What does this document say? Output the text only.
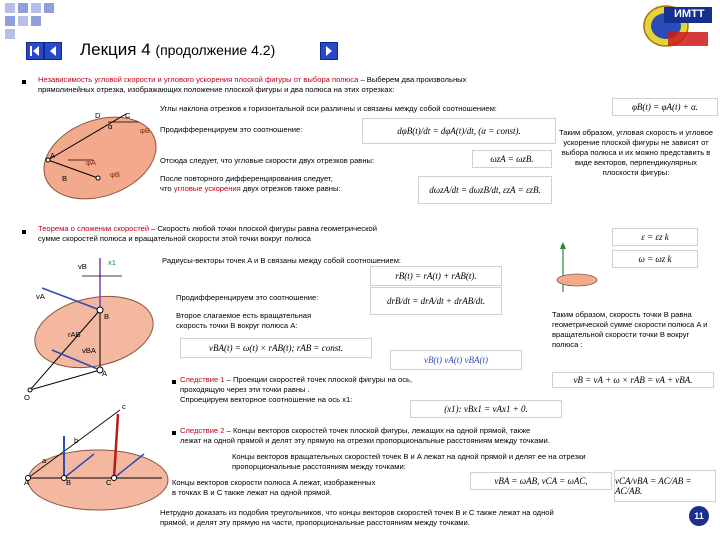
Лекция 4 (продолжение 4.2)
ИМТТ
Независимость угловой скорости и углового ускорения плоской фигуры от выбора полюса – Выберем два произвольных
прямолинейных отрезка, изображающих положение плоской фигуры и два полюса на этих отрезках:
D	C
α	φB
A
φA
B	φB
Углы наклона отрезков к горизонтальной оси различны и связаны между собой соотношением:	φB(t) = φA(t) + α.
Продифференцируем это соотношение:	dφB(t)/dt = dφA(t)/dt, (α = const).
Отсюда следует, что угловые скорости двух отрезков равны:	ωzA = ωzB.
После повторного дифференцирования следует,
что угловые ускорения двух отрезков также равны:	dωzA/dt = dωzB/dt, εzA = εzB.
Таким образом, угловая скорость и угловое ускорение плоской фигуры не зависят от выбора полюса и их можно представить в виде векторов, перпендикулярных плоскости фигуры:
Теорема о сложении скоростей – Скорость любой точки плоской фигуры равна геометрической
сумме скоростей полюса и вращательной скорости этой точки вокруг полюса
z
ε = εz k
ω = ωz k
vB	x1
vA
B
rAB
vBA
A
O
Радиусы-векторы точек A и B связаны между собой соотношением:
rB(t) = rA(t) + rAB(t).
Продифференцируем это соотношение:	drB/dt = drA/dt + drAB/dt.
Второе слагаемое есть вращательная
скорость точки B вокруг полюса A:
vBA(t) = ω(t) × rAB(t); rAB = const.
vB(t) vA(t) vBA(t)
Таким образом, скорость точки B равна геометрической сумме скорости полюса A и вращательной скорости точки B вокруг полюса :
vB = vA + ω × rAB = vA + vBA.
Следствие 1 – Проекции скоростей точек плоской фигуры на ось,
проходящую через эти точки равны .
Спроецируем векторное соотношение на ось x1:
(x1): vBx1 = vAx1 + 0.
Следствие 2 – Концы векторов скоростей точек плоской фигуры, лежащих на одной прямой, также
лежат на одной прямой и делят эту прямую на отрезки пропорциональные расстояниям между точками.
Концы векторов вращательных скоростей точек B и A лежат на одной прямой и делят ее на отрезки
пропорциональные расстояниям между точками:
Концы векторов скорости полюса A лежат, изображенных
в точках B и C также лежат на одной прямой.
vBA = ωAB, vCA = ωAC,	vCA/vBA = AC/AB = AC/AB.
c
b
a
A	B	C
Нетрудно доказать из подобия треугольников, что концы векторов скоростей точек B и C также лежат на одной
прямой, и делят эту прямую на части, пропорциональные расстояниям между точками.
11
